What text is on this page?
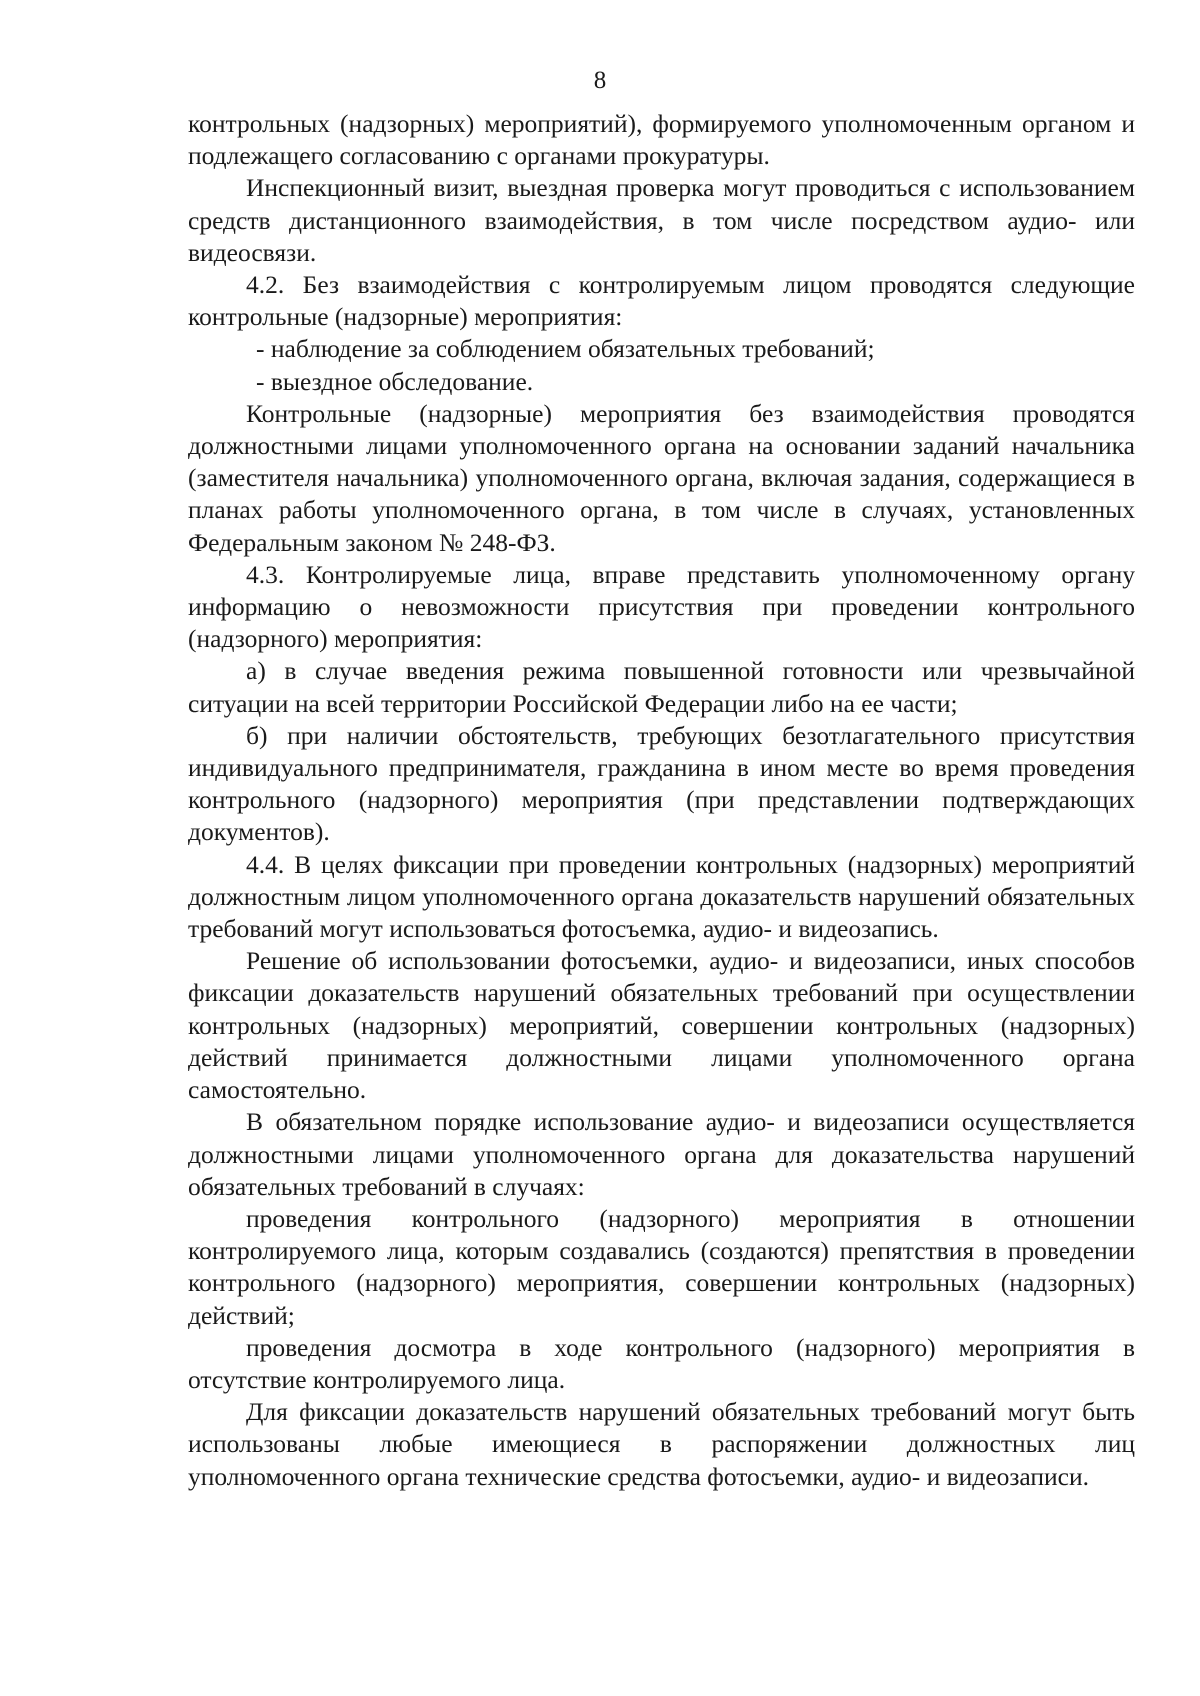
8

контрольных (надзорных) мероприятий), формируемого уполномоченным органом и подлежащего согласованию с органами прокуратуры.

Инспекционный визит, выездная проверка могут проводиться с использованием средств дистанционного взаимодействия, в том числе посредством аудио- или видеосвязи.

4.2. Без взаимодействия с контролируемым лицом проводятся следующие контрольные (надзорные) мероприятия:

- наблюдение за соблюдением обязательных требований;

- выездное обследование.

Контрольные (надзорные) мероприятия без взаимодействия проводятся должностными лицами уполномоченного органа на основании заданий начальника (заместителя начальника) уполномоченного органа, включая задания, содержащиеся в планах работы уполномоченного органа, в том числе в случаях, установленных Федеральным законом № 248-ФЗ.

4.3. Контролируемые лица, вправе представить уполномоченному органу информацию о невозможности присутствия при проведении контрольного (надзорного) мероприятия:

а) в случае введения режима повышенной готовности или чрезвычайной ситуации на всей территории Российской Федерации либо на ее части;

б) при наличии обстоятельств, требующих безотлагательного присутствия индивидуального предпринимателя, гражданина в ином месте во время проведения контрольного (надзорного) мероприятия (при представлении подтверждающих документов).

4.4. В целях фиксации при проведении контрольных (надзорных) мероприятий должностным лицом уполномоченного органа доказательств нарушений обязательных требований могут использоваться фотосъемка, аудио- и видеозапись.

Решение об использовании фотосъемки, аудио- и видеозаписи, иных способов фиксации доказательств нарушений обязательных требований при осуществлении контрольных (надзорных) мероприятий, совершении контрольных (надзорных) действий принимается должностными лицами уполномоченного органа самостоятельно.

В обязательном порядке использование аудио- и видеозаписи осуществляется должностными лицами уполномоченного органа для доказательства нарушений обязательных требований в случаях:

проведения контрольного (надзорного) мероприятия в отношении контролируемого лица, которым создавались (создаются) препятствия в проведении контрольного (надзорного) мероприятия, совершении контрольных (надзорных) действий;

проведения досмотра в ходе контрольного (надзорного) мероприятия в отсутствие контролируемого лица.

Для фиксации доказательств нарушений обязательных требований могут быть использованы любые имеющиеся в распоряжении должностных лиц уполномоченного органа технические средства фотосъемки, аудио- и видеозаписи.
